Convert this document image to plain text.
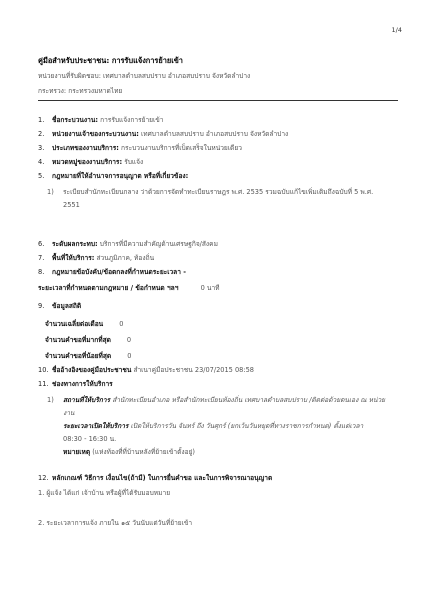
1/4
คู่มือสำหรับประชาชน: การรับแจ้งการย้ายเข้า
หน่วยงานที่รับผิดชอบ: เทศบาลตำบลสบปราบ อำเภอสบปราบ จังหวัดลำปาง
กระทรวง: กระทรวงมหาดไทย
1. ชื่อกระบวนงาน: การรับแจ้งการย้ายเข้า
2. หน่วยงานเจ้าของกระบวนงาน: เทศบาลตำบลสบปราบ อำเภอสบปราบ จังหวัดลำปาง
3. ประเภทของงานบริการ: กระบวนงานบริการที่เบ็ดเสร็จในหน่วยเดียว
4. หมวดหมู่ของงานบริการ: รับแจ้ง
5. กฎหมายที่ให้อำนาจการอนุญาต หรือที่เกี่ยวข้อง:
1) ระเบียบสำนักทะเบียนกลาง ว่าด้วยการจัดทำทะเบียนราษฎร พ.ศ. 2535 รวมฉบับแก้ไขเพิ่มเติมถึงฉบับที่ 5 พ.ศ. 2551
6. ระดับผลกระทบ: บริการที่มีความสำคัญด้านเศรษฐกิจ/สังคม
7. พื้นที่ให้บริการ: ส่วนภูมิภาค, ท้องถิ่น
8. กฎหมายข้อบังคับ/ข้อตกลงที่กำหนดระยะเวลา -
ระยะเวลาที่กำหนดตามกฎหมาย / ข้อกำหนด ฯลฯ	0 นาที
9. ข้อมูลสถิติ
จำนวนเฉลี่ยต่อเดือน 0
จำนวนคำขอที่มากที่สุด 0
จำนวนคำขอที่น้อยที่สุด 0
10. ชื่ออ้างอิงของคู่มือประชาชน สำเนาคู่มือประชาชน 23/07/2015 08:58
11. ช่องทางการให้บริการ
1) สถานที่ให้บริการ สำนักทะเบียนอำเภอ หรือสำนักทะเบียนท้องถิ่น เทศบาลตำบลสบปราบ /ติดต่อด้วยตนเอง ณ หน่วยงาน
ระยะเวลาเปิดให้บริการ เปิดให้บริการวัน จันทร์ ถึง วันศุกร์ (ยกเว้นวันหยุดที่ทางราชการกำหนด) ตั้งแต่เวลา
08:30 - 16:30 น.
หมายเหตุ (แห่งท้องที่ที่บ้านหลังที่ย้ายเข้าตั้งอยู่)
12. หลักเกณฑ์ วิธีการ เงื่อนไข(ถ้ามี) ในการยื่นคำขอ และในการพิจารณาอนุญาต
1. ผู้แจ้ง ได้แก่ เจ้าบ้าน หรือผู้ที่ได้รับมอบหมาย
2. ระยะเวลาการแจ้ง ภายใน ๑๕ วันนับแต่วันที่ย้ายเข้า
